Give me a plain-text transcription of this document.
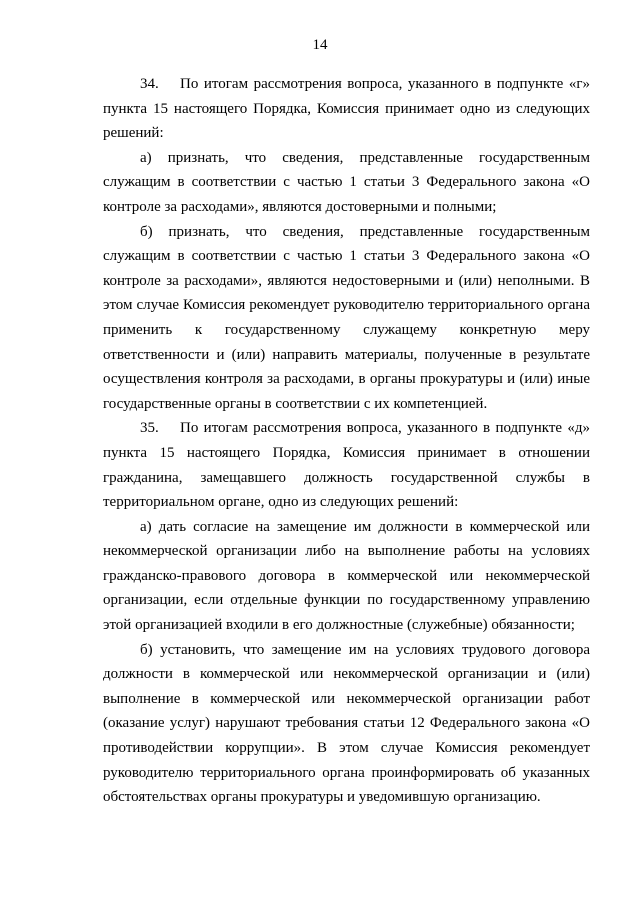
14

34. По итогам рассмотрения вопроса, указанного в подпункте «г» пункта 15 настоящего Порядка, Комиссия принимает одно из следующих решений:

а) признать, что сведения, представленные государственным служащим в соответствии с частью 1 статьи 3 Федерального закона «О контроле за расходами», являются достоверными и полными;

б) признать, что сведения, представленные государственным служащим в соответствии с частью 1 статьи 3 Федерального закона «О контроле за расходами», являются недостоверными и (или) неполными. В этом случае Комиссия рекомендует руководителю территориального органа применить к государственному служащему конкретную меру ответственности и (или) направить материалы, полученные в результате осуществления контроля за расходами, в органы прокуратуры и (или) иные государственные органы в соответствии с их компетенцией.

35. По итогам рассмотрения вопроса, указанного в подпункте «д» пункта 15 настоящего Порядка, Комиссия принимает в отношении гражданина, замещавшего должность государственной службы в территориальном органе, одно из следующих решений:

а) дать согласие на замещение им должности в коммерческой или некоммерческой организации либо на выполнение работы на условиях гражданско-правового договора в коммерческой или некоммерческой организации, если отдельные функции по государственному управлению этой организацией входили в его должностные (служебные) обязанности;

б) установить, что замещение им на условиях трудового договора должности в коммерческой или некоммерческой организации и (или) выполнение в коммерческой или некоммерческой организации работ (оказание услуг) нарушают требования статьи 12 Федерального закона «О противодействии коррупции». В этом случае Комиссия рекомендует руководителю территориального органа проинформировать об указанных обстоятельствах органы прокуратуры и уведомившую организацию.
